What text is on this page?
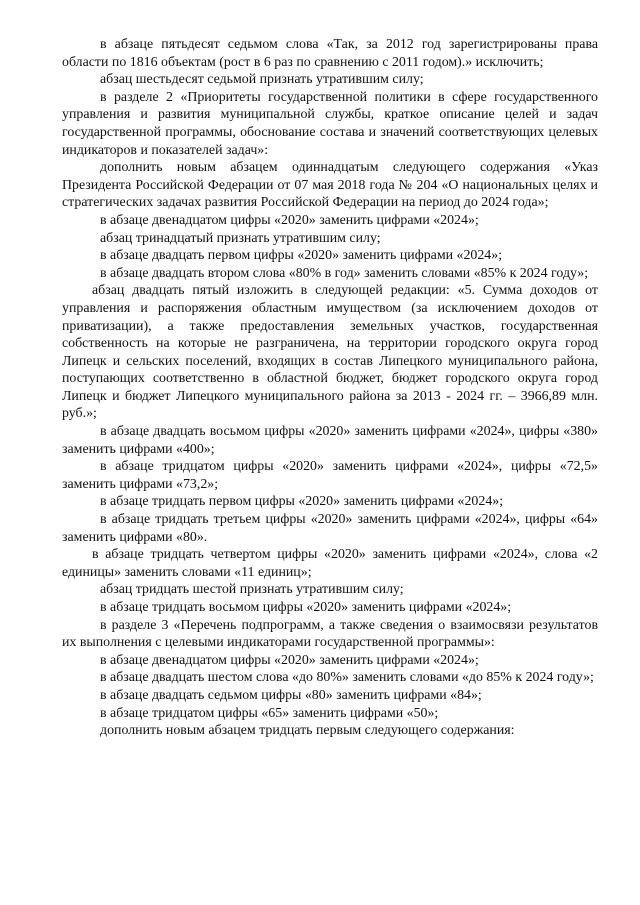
в абзаце пятьдесят седьмом слова «Так, за 2012 год зарегистрированы права области по 1816 объектам (рост в 6 раз по сравнению с 2011 годом).» исключить;

абзац шестьдесят седьмой признать утратившим силу;

в разделе 2 «Приоритеты государственной политики в сфере государственного управления и развития муниципальной службы, краткое описание целей и задач государственной программы, обоснование состава и значений соответствующих целевых индикаторов и показателей задач»:

дополнить новым абзацем одиннадцатым следующего содержания «Указ Президента Российской Федерации от 07 мая 2018 года № 204 «О национальных целях и стратегических задачах развития Российской Федерации на период до 2024 года»;

в абзаце двенадцатом цифры «2020» заменить цифрами «2024»;

абзац тринадцатый признать утратившим силу;

в абзаце двадцать первом цифры «2020» заменить цифрами «2024»;

в абзаце двадцать втором слова «80% в год» заменить словами «85% к 2024 году»;

абзац двадцать пятый изложить в следующей редакции: «5. Сумма доходов от управления и распоряжения областным имуществом (за исключением доходов от приватизации), а также предоставления земельных участков, государственная собственность на которые не разграничена, на территории городского округа город Липецк и сельских поселений, входящих в состав Липецкого муниципального района, поступающих соответственно в областной бюджет, бюджет городского округа город Липецк и бюджет Липецкого муниципального района за 2013 - 2024 гг. – 3966,89 млн. руб.»;

в абзаце двадцать восьмом цифры «2020» заменить цифрами «2024», цифры «380» заменить цифрами «400»;

в абзаце тридцатом цифры «2020» заменить цифрами «2024», цифры «72,5» заменить цифрами «73,2»;

в абзаце тридцать первом цифры «2020» заменить цифрами «2024»;

в абзаце тридцать третьем цифры «2020» заменить цифрами «2024», цифры «64» заменить цифрами «80».

в абзаце тридцать четвертом цифры «2020» заменить цифрами «2024», слова «2 единицы» заменить словами «11 единиц»;

абзац тридцать шестой признать утратившим силу;

в абзаце тридцать восьмом цифры «2020» заменить цифрами «2024»;

в разделе 3 «Перечень подпрограмм, а также сведения о взаимосвязи результатов их выполнения с целевыми индикаторами государственной программы»:

в абзаце двенадцатом цифры «2020» заменить цифрами «2024»;

в абзаце двадцать шестом слова «до 80%» заменить словами «до 85% к 2024 году»;

в абзаце двадцать седьмом цифры «80» заменить цифрами «84»;

в абзаце тридцатом цифры «65» заменить цифрами «50»;

дополнить новым абзацем тридцать первым следующего содержания:
